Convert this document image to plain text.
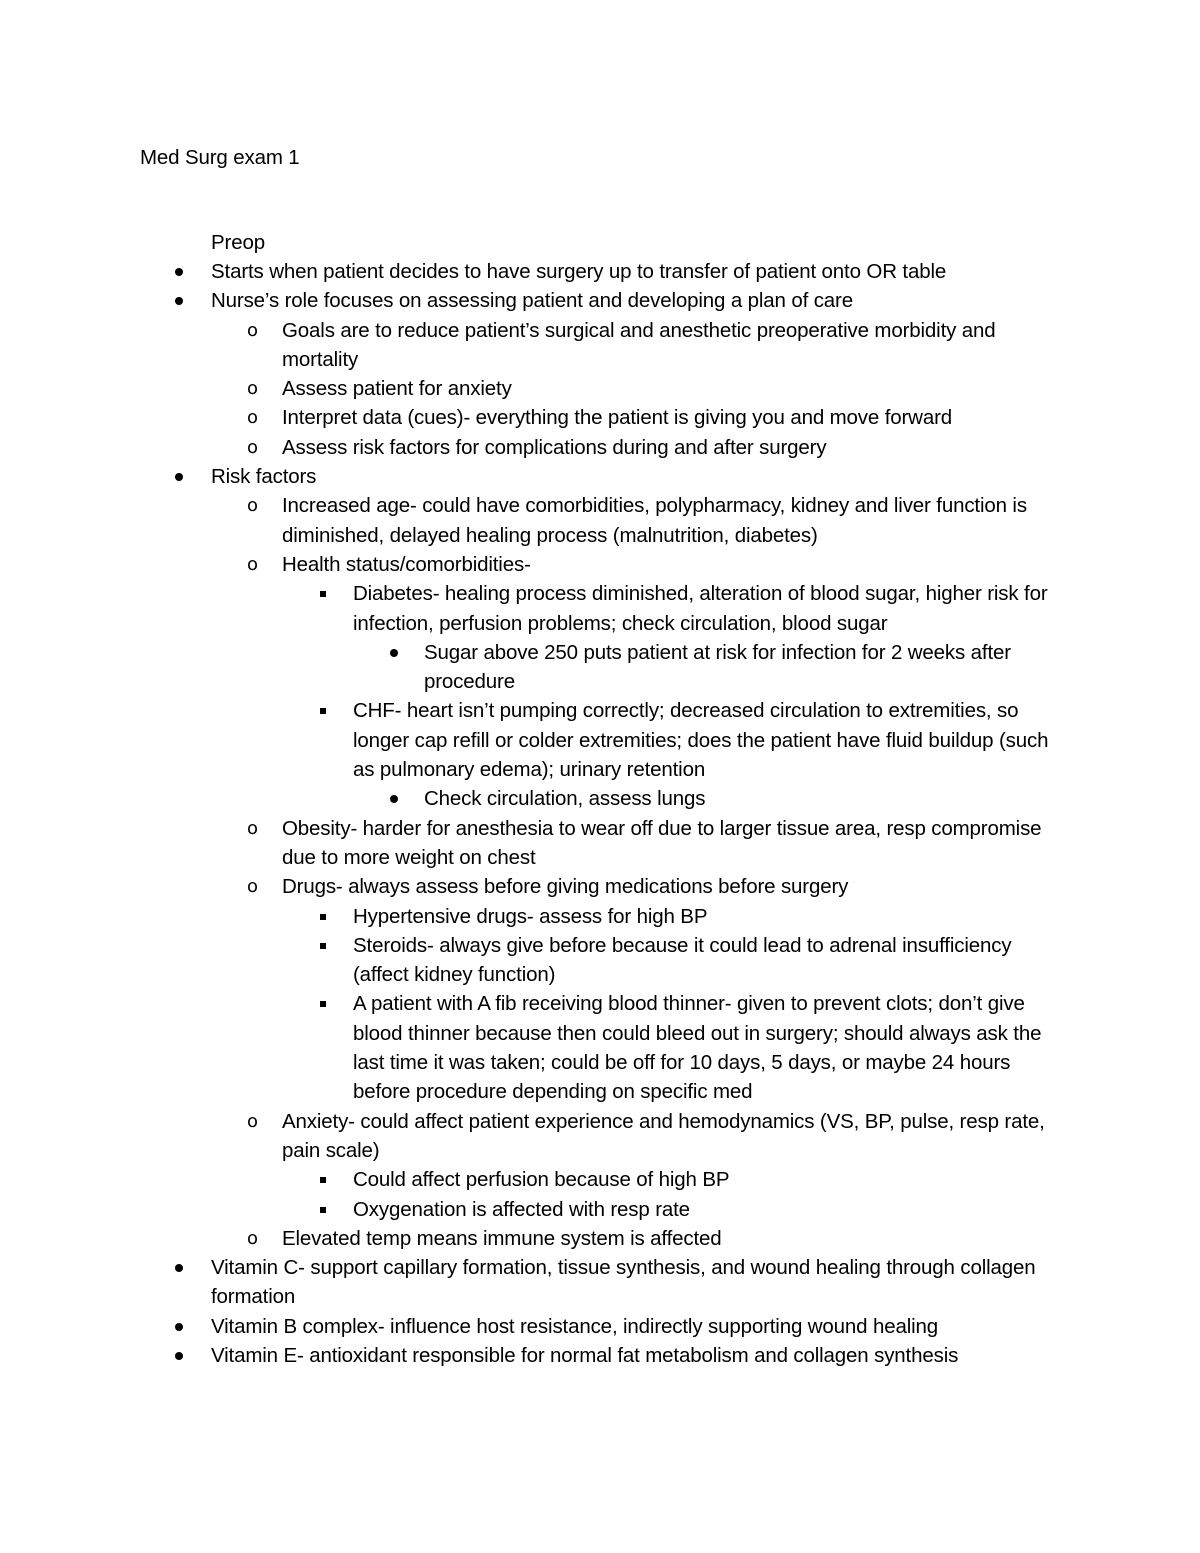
Med Surg exam 1
Preop
Starts when patient decides to have surgery up to transfer of patient onto OR table
Nurse’s role focuses on assessing patient and developing a plan of care
o Goals are to reduce patient’s surgical and anesthetic preoperative morbidity and mortality
o Assess patient for anxiety
o Interpret data (cues)- everything the patient is giving you and move forward
o Assess risk factors for complications during and after surgery
Risk factors
o Increased age- could have comorbidities, polypharmacy, kidney and liver function is diminished, delayed healing process (malnutrition, diabetes)
o Health status/comorbidities-
Diabetes- healing process diminished, alteration of blood sugar, higher risk for infection, perfusion problems; check circulation, blood sugar
Sugar above 250 puts patient at risk for infection for 2 weeks after procedure
CHF- heart isn’t pumping correctly; decreased circulation to extremities, so longer cap refill or colder extremities; does the patient have fluid buildup (such as pulmonary edema); urinary retention
Check circulation, assess lungs
o Obesity- harder for anesthesia to wear off due to larger tissue area, resp compromise due to more weight on chest
o Drugs- always assess before giving medications before surgery
Hypertensive drugs- assess for high BP
Steroids- always give before because it could lead to adrenal insufficiency (affect kidney function)
A patient with A fib receiving blood thinner- given to prevent clots; don’t give blood thinner because then could bleed out in surgery; should always ask the last time it was taken; could be off for 10 days, 5 days, or maybe 24 hours before procedure depending on specific med
o Anxiety- could affect patient experience and hemodynamics (VS, BP, pulse, resp rate, pain scale)
Could affect perfusion because of high BP
Oxygenation is affected with resp rate
o Elevated temp means immune system is affected
Vitamin C- support capillary formation, tissue synthesis, and wound healing through collagen formation
Vitamin B complex- influence host resistance, indirectly supporting wound healing
Vitamin E- antioxidant responsible for normal fat metabolism and collagen synthesis
